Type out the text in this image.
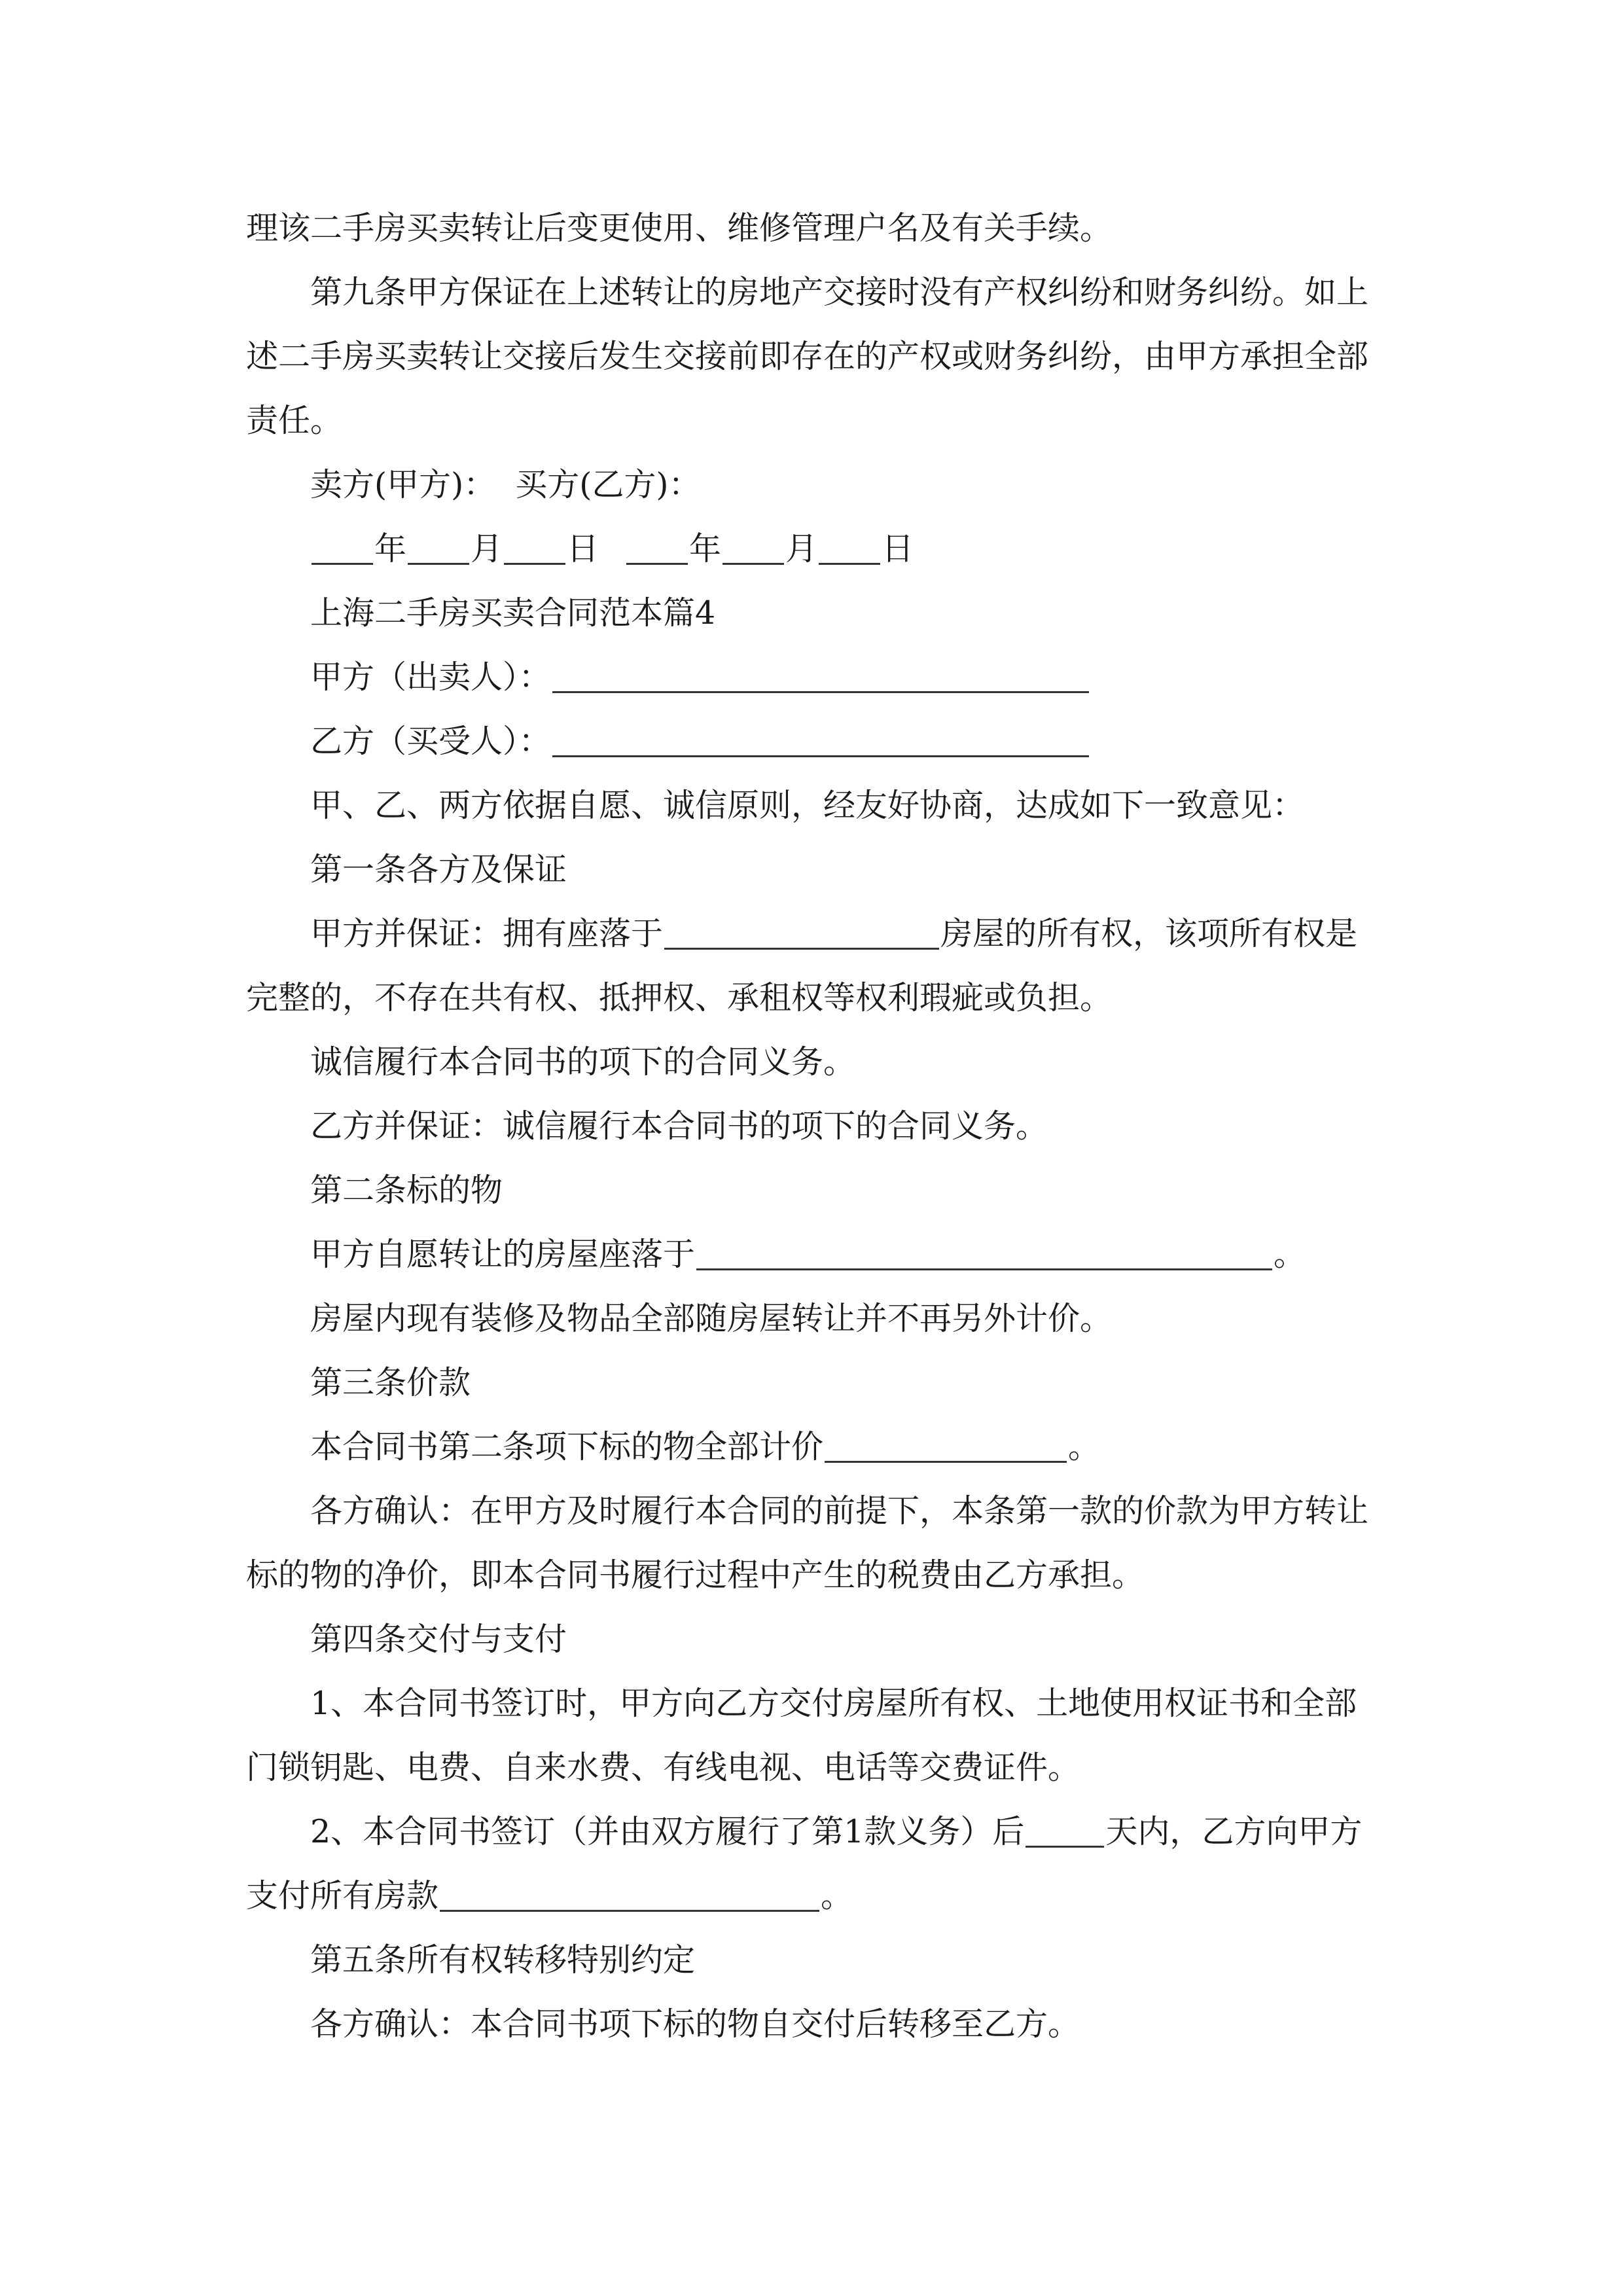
理该二手房买卖转让后变更使用、维修管理户名及有关手续。
第九条甲方保证在上述转让的房地产交接时没有产权纠纷和财务纠纷。如上
述二手房买卖转让交接后发生交接前即存在的产权或财务纠纷，由甲方承担全部
责任。
卖方(甲方)： 买方(乙方)：
年 月 日	年 月 日
上海二手房买卖合同范本篇4
甲方（出卖人）：
乙方（买受人）：
甲、乙、两方依据自愿、诚信原则，经友好协商，达成如下一致意见：
第一条各方及保证
甲方并保证：拥有座落于	房屋的所有权，该项所有权是
完整的，不存在共有权、抵押权、承租权等权利瑕疵或负担。
诚信履行本合同书的项下的合同义务。
乙方并保证：诚信履行本合同书的项下的合同义务。
第二条标的物
甲方自愿转让的房屋座落于	。
房屋内现有装修及物品全部随房屋转让并不再另外计价。
第三条价款
本合同书第二条项下标的物全部计价	。
各方确认：在甲方及时履行本合同的前提下，本条第一款的价款为甲方转让
标的物的净价，即本合同书履行过程中产生的税费由乙方承担。
第四条交付与支付
1、本合同书签订时，甲方向乙方交付房屋所有权、土地使用权证书和全部
门锁钥匙、电费、自来水费、有线电视、电话等交费证件。
2、本合同书签订（并由双方履行了第1款义务）后	天内，乙方向甲方
支付所有房款	。
第五条所有权转移特别约定
各方确认：本合同书项下标的物自交付后转移至乙方。
